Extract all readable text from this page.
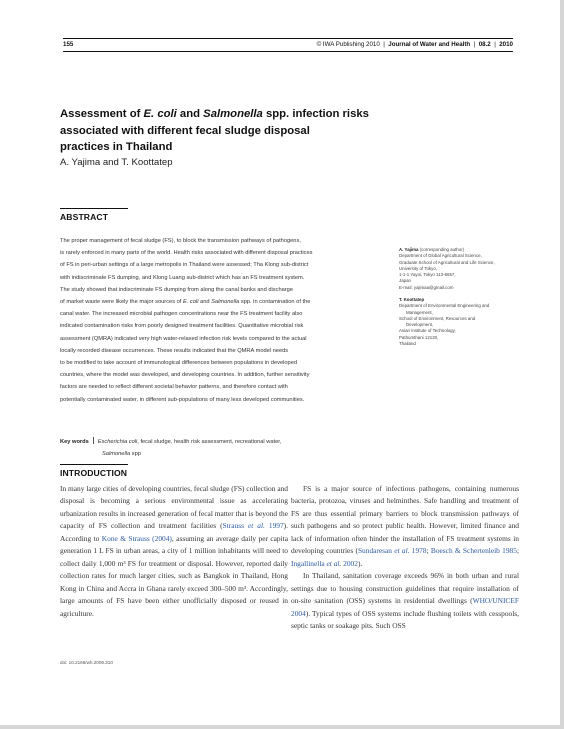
155	© IWA Publishing 2010  |  Journal of Water and Health  |  08.2  |  2010
Assessment of E. coli and Salmonella spp. infection risks
associated with different fecal sludge disposal
practices in Thailand
A. Yajima and T. Koottatep
ABSTRACT
The proper management of fecal sludge (FS), to block the transmission pathways of pathogens,
is rarely enforced in many parts of the world. Health risks associated with different disposal practices
of FS in peri-urban settings of a large metropolis in Thailand were assessed; Tha Klong sub-district
with indiscriminate FS dumping, and Klong Luang sub-district which has an FS treatment system.
The study showed that indiscriminate FS dumping from along the canal banks and discharge
of market waste were likely the major sources of E. coli and Salmonella spp. in contamination of the
canal water. The increased microbial pathogen concentrations near the FS treatment facility also
indicated contamination risks from poorly designed treatment facilities. Quantitative microbial risk
assessment (QMRA) indicated very high water-relaxed infection risk levels compared to the actual
locally recorded disease occurrences. These results indicated that the QMRA model needs
to be modified to take account of immunological differences between populations in developed
countries, where the model was developed, and developing countries. In addition, further sensitivity
factors are needed to reflect different societal behavior patterns, and therefore contact with
potentially contaminated water, in different sub-populations of many less developed communities.
Key words Escherichia coli, fecal sludge, health risk assessment, recreational water,
Salmonella spp
A. Yajima (corresponding author)
Department of Global Agricultural Science,
Graduate School of Agricultural and Life Science,
University of Tokyo,
1-1-1 Yayoi, Tokyo 113-8657,
Japan
E-mail: yajimaa@gmail.com
T. Koottatep
Department of Environmental Engineering and
Management,
School of Environment, Resources and
Development,
Asian Institute of Technology,
Pathumthani 12120,
Thailand
INTRODUCTION

In many large cities of developing countries, fecal sludge (FS) collection and disposal is becoming a serious environmental issue as accelerating urbanization results in increased generation of fecal matter that is beyond the capacity of FS collection and treatment facilities (Strauss et al. 1997). According to Kone & Strauss (2004), assuming an average daily per capita generation 1 L FS in urban areas, a city of 1 million inhabitants will need to collect daily 1,000 m³ FS for treatment or disposal. However, reported daily collection rates for much larger cities, such as Bangkok in Thailand, Hong Kong in China and Accra in Ghana rarely exceed 300–500 m³. Accordingly, large amounts of FS have been either unofficially disposed or reused in agriculture.

FS is a major source of infectious pathogens, containing numerous bacteria, protozoa, viruses and helminthes. Safe handling and treatment of FS are thus essential primary barriers to block transmission pathways of such pathogens and so protect public health. However, limited finance and lack of information often hinder the installation of FS treatment systems in developing countries (Sundaresan et al. 1978; Boesch & Schertenleib 1985; Ingallinella et al. 2002).

In Thailand, sanitation coverage exceeds 96% in both urban and rural settings due to housing construction guidelines that require installation of on-site sanitation (OSS) systems in residential dwellings (WHO/UNICEF 2004). Typical types of OSS systems include flushing toilets with cesspools, septic tanks or soakage pits. Such OSS

doi: 10.2166/wh.2009.310
